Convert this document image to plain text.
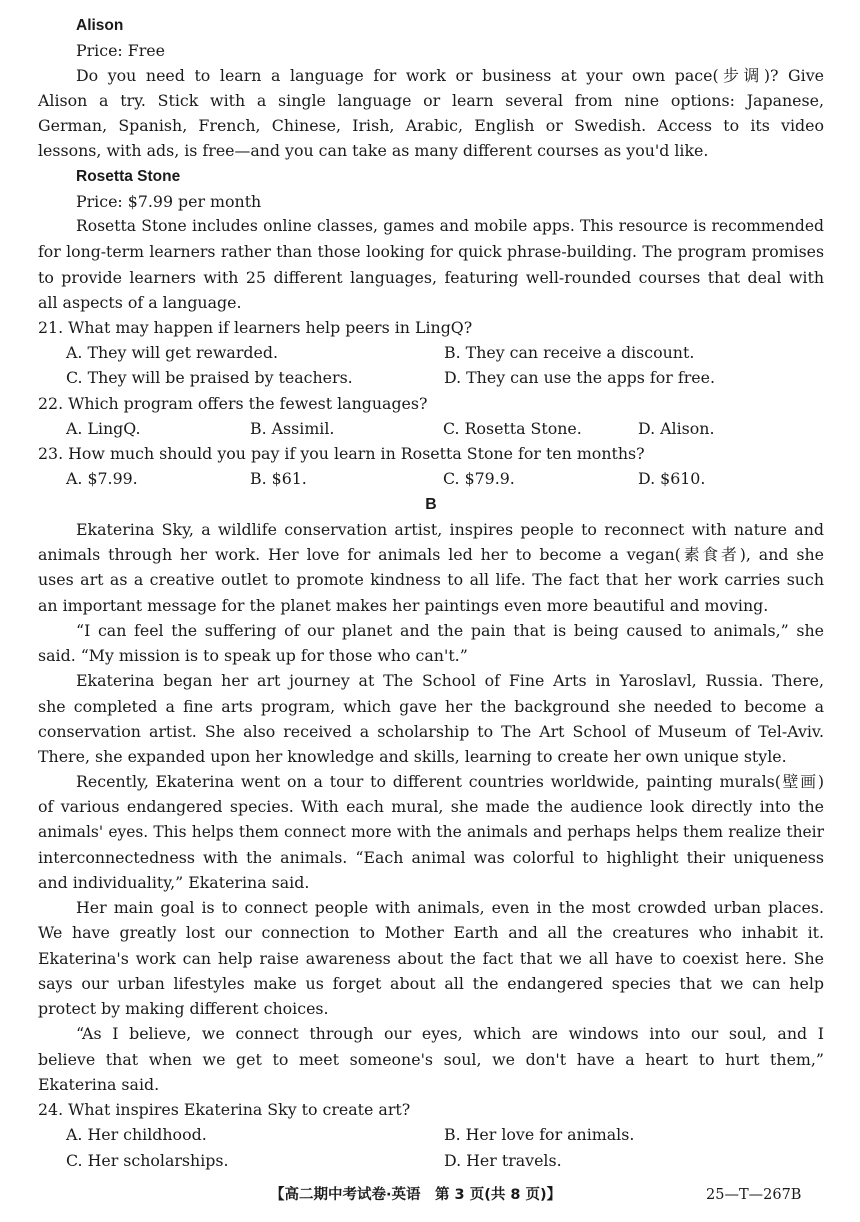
Alison
Price: Free
Do you need to learn a language for work or business at your own pace(步调)? Give
Alison a try. Stick with a single language or learn several from nine options: Japanese,
German, Spanish, French, Chinese, Irish, Arabic, English or Swedish. Access to its video
lessons, with ads, is free—and you can take as many different courses as you'd like.
Rosetta Stone
Price: $7.99 per month
Rosetta Stone includes online classes, games and mobile apps. This resource is recommended
for long-term learners rather than those looking for quick phrase-building. The program promises
to provide learners with 25 different languages, featuring well-rounded courses that deal with
all aspects of a language.
21. What may happen if learners help peers in LingQ?
A. They will get rewarded.	B. They can receive a discount.
C. They will be praised by teachers.	D. They can use the apps for free.
22. Which program offers the fewest languages?
A. LingQ.	B. Assimil.	C. Rosetta Stone.	D. Alison.
23. How much should you pay if you learn in Rosetta Stone for ten months?
A. $7.99.	B. $61.	C. $79.9.	D. $610.
B
Ekaterina Sky, a wildlife conservation artist, inspires people to reconnect with nature and
animals through her work. Her love for animals led her to become a vegan(素食者), and she
uses art as a creative outlet to promote kindness to all life. The fact that her work carries such
an important message for the planet makes her paintings even more beautiful and moving.
“I can feel the suffering of our planet and the pain that is being caused to animals,” she
said. “My mission is to speak up for those who can't.”
Ekaterina began her art journey at The School of Fine Arts in Yaroslavl, Russia. There,
she completed a fine arts program, which gave her the background she needed to become a
conservation artist. She also received a scholarship to The Art School of Museum of Tel-Aviv.
There, she expanded upon her knowledge and skills, learning to create her own unique style.
Recently, Ekaterina went on a tour to different countries worldwide, painting murals(壁画)
of various endangered species. With each mural, she made the audience look directly into the
animals' eyes. This helps them connect more with the animals and perhaps helps them realize their
interconnectedness with the animals. “Each animal was colorful to highlight their uniqueness
and individuality,” Ekaterina said.
Her main goal is to connect people with animals, even in the most crowded urban places.
We have greatly lost our connection to Mother Earth and all the creatures who inhabit it.
Ekaterina's work can help raise awareness about the fact that we all have to coexist here. She
says our urban lifestyles make us forget about all the endangered species that we can help
protect by making different choices.
“As I believe, we connect through our eyes, which are windows into our soul, and I
believe that when we get to meet someone's soul, we don't have a heart to hurt them,”
Ekaterina said.
24. What inspires Ekaterina Sky to create art?
A. Her childhood.	B. Her love for animals.
C. Her scholarships.	D. Her travels.
【高二期中考试卷·英语　第 3 页(共 8 页)】	25—T—267B
